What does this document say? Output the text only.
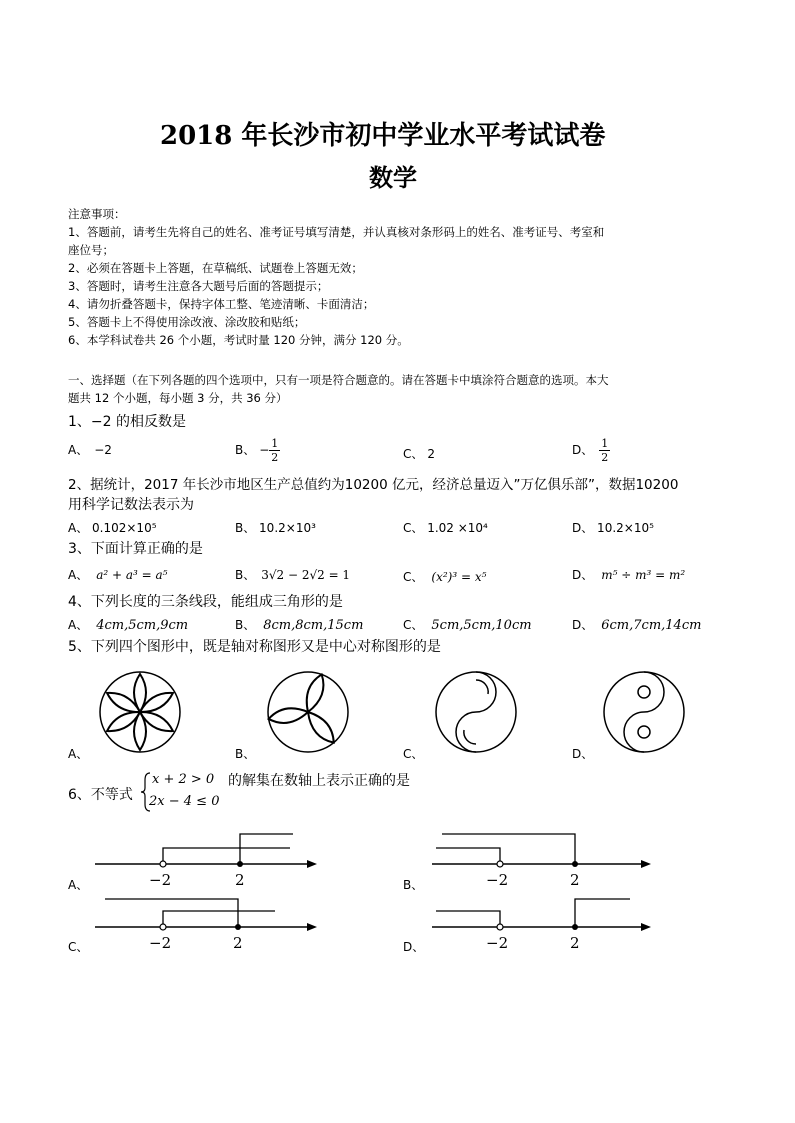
2018 年长沙市初中学业水平考试试卷
数学
注意事项：
1、答题前，请考生先将自己的姓名、准考证号填写清楚，并认真核对条形码上的姓名、准考证号、考室和
座位号；
2、必须在答题卡上答题，在草稿纸、试题卷上答题无效；
3、答题时，请考生注意各大题号后面的答题提示；
4、请勿折叠答题卡，保持字体工整、笔迹清晰、卡面清洁；
5、答题卡上不得使用涂改液、涂改胶和贴纸；
6、本学科试卷共 26 个小题，考试时量 120 分钟，满分 120 分。
一、选择题（在下列各题的四个选项中，只有一项是符合题意的。请在答题卡中填涂符合题意的选项。本大
题共 12 个小题，每小题 3 分，共 36 分）
1、−2 的相反数是
A、 −2	B、 − $\frac{1}{2}$	C、 2	D、 $\frac{1}{2}$
2、据统计，2017 年长沙市地区生产总值约为10200 亿元，经济总量迈入”万亿俱乐部”，数据10200
用科学记数法表示为
A、 0.102×10⁵	B、 10.2×10³	C、 1.02 ×10⁴	D、 10.2×10⁵
3、下面计算正确的是
A、 a² + a³ = a⁵	B、 3√2 − 2√2 = 1	C、 (x²)³ = x⁵	D、 m⁵ ÷ m³ = m²
4、下列长度的三条线段，能组成三角形的是
A、 4cm,5cm,9cm	B、 8cm,8cm,15cm	C、 5cm,5cm,10cm	D、 6cm,7cm,14cm
5、下列四个图形中，既是轴对称图形又是中心对称图形的是
A、	B、	C、	D、
6、不等式
x + 2 > 0
2x − 4 ≤ 0
的解集在数轴上表示正确的是
−2	2
A、	−2	2
B、
−2	2
C、	−2	2
D、
